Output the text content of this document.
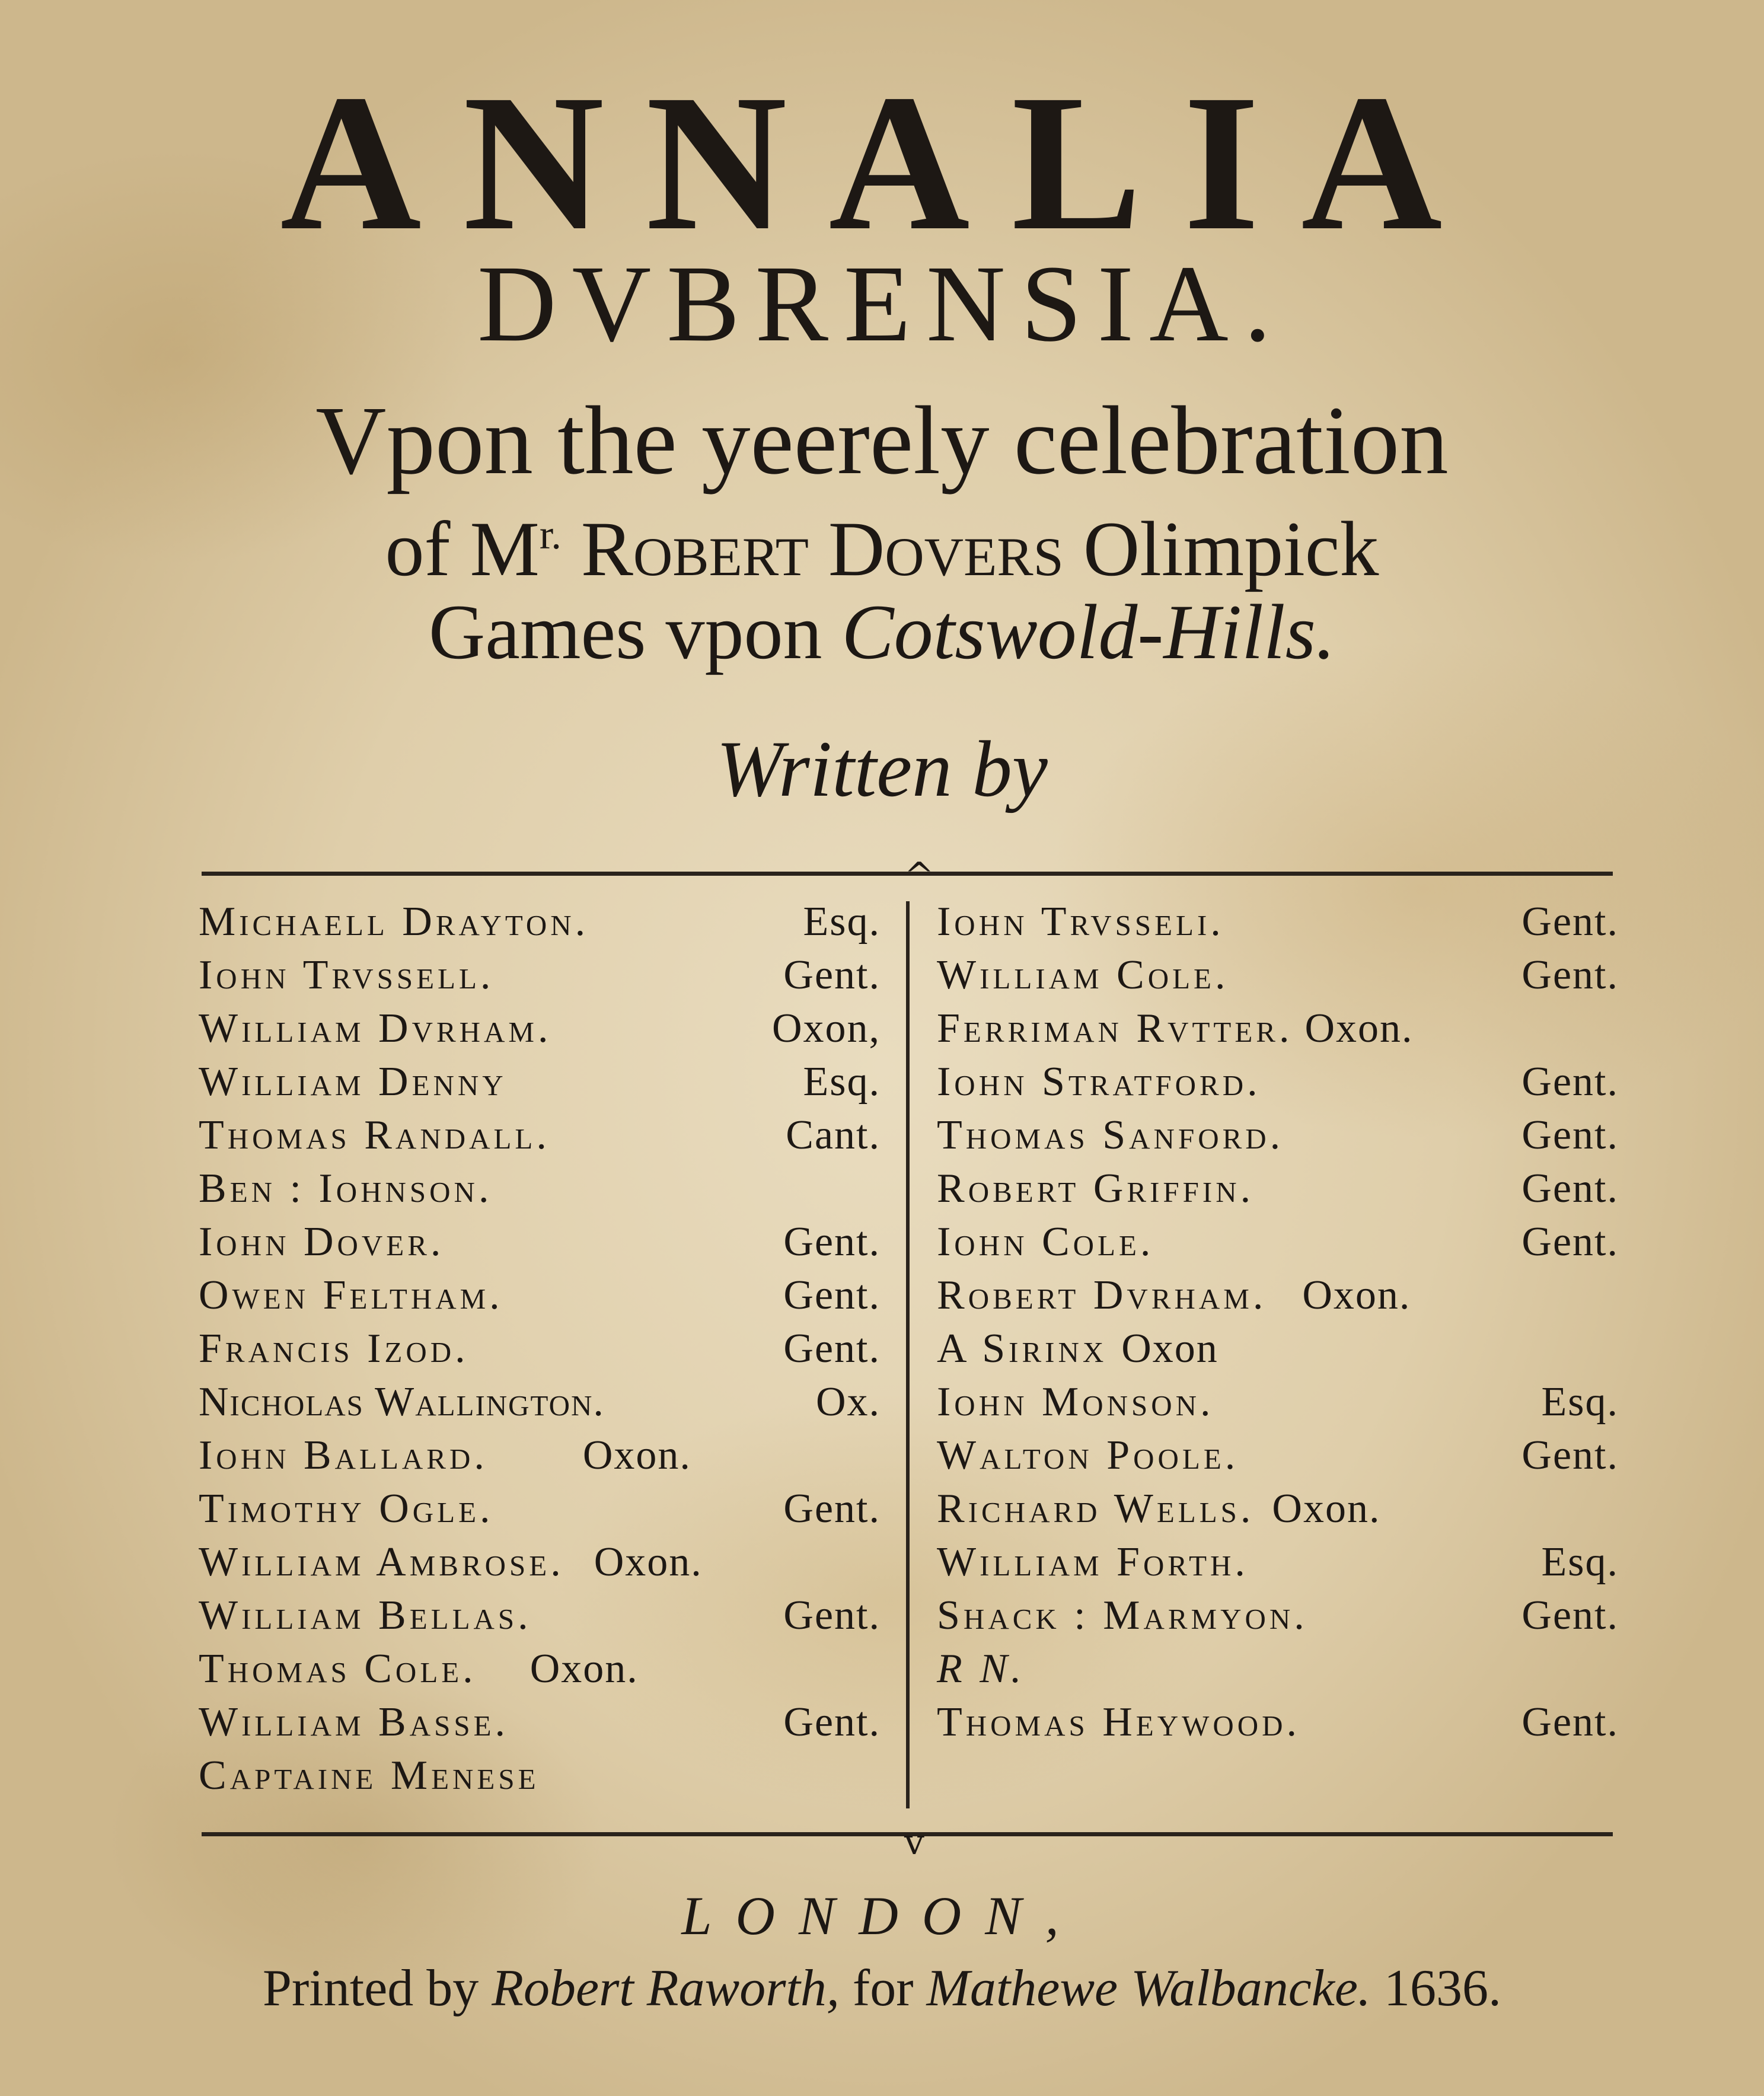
ANNALIA
DVBRENSIA.
Vpon the yeerely celebration
of $M^{r.}$ Robert Dovers Olimpick
Games vpon Cotswold-Hills.
Written by
^
Michaell Drayton.	Esq.
Iohn Trvssell.	Gent.
William Dvrham.	Oxon,
William Denny	Esq.
Thomas Randall.	Cant.
Ben : Iohnson.
Iohn Dover.	Gent.
Owen Feltham.	Gent.
Francis Izod.	Gent.
Nicholas Wallington.	Ox.
Iohn Ballard. Oxon.
Timothy Ogle.	Gent.
William Ambrose. Oxon.
William Bellas.	Gent.
Thomas Cole. Oxon.
William Basse.	Gent.
Captaine Menese
Iohn Trvsseli.	Gent.
William Cole.	Gent.
Ferriman Rvtter. Oxon.
Iohn Stratford.	Gent.
Thomas Sanford.	Gent.
Robert Griffin.	Gent.
Iohn Cole.	Gent.
Robert Dvrham. Oxon.
A Sirinx Oxon
Iohn Monson.	Esq.
Walton Poole.	Gent.
Richard Wells. Oxon.
William Forth.	Esq.
Shack : Marmyon.	Gent.
R N.
Thomas Heywood.	Gent.
v
LONDON,
Printed by Robert Raworth, for Mathewe Walbancke. 1636.
